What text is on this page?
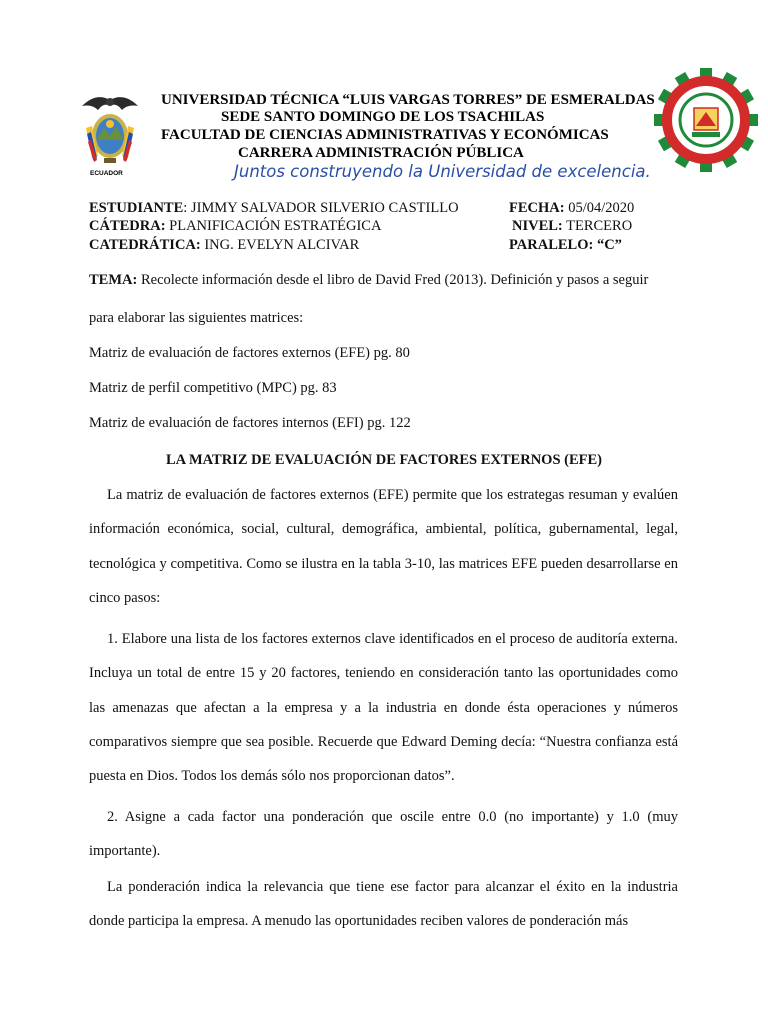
ECUADOR
UNIVERSIDAD TÉCNICA “LUIS VARGAS TORRES” DE ESMERALDAS
SEDE SANTO DOMINGO DE LOS TSACHILAS
FACULTAD DE CIENCIAS ADMINISTRATIVAS Y ECONÓMICAS
CARRERA ADMINISTRACIÓN PÚBLICA
Juntos construyendo la Universidad de excelencia.
ESTUDIANTE: JIMMY SALVADOR SILVERIO CASTILLO	FECHA: 05/04/2020
CÁTEDRA: PLANIFICACIÓN ESTRATÉGICA	NIVEL: TERCERO
CATEDRÁTICA: ING. EVELYN ALCIVAR	PARALELO: “C”

TEMA: Recolecte información desde el libro de David Fred (2013). Definición y pasos a seguir

para elaborar las siguientes matrices:

Matriz de evaluación de factores externos (EFE) pg. 80

Matriz de perfil competitivo (MPC) pg. 83

Matriz de evaluación de factores internos (EFI) pg. 122

LA MATRIZ DE EVALUACIÓN DE FACTORES EXTERNOS (EFE)

La matriz de evaluación de factores externos (EFE) permite que los estrategas resuman y evalúen información económica, social, cultural, demográfica, ambiental, política, gubernamental, legal, tecnológica y competitiva. Como se ilustra en la tabla 3-10, las matrices EFE pueden desarrollarse en cinco pasos:

1. Elabore una lista de los factores externos clave identificados en el proceso de auditoría externa. Incluya un total de entre 15 y 20 factores, teniendo en consideración tanto las oportunidades como las amenazas que afectan a la empresa y a la industria en donde ésta operaciones y números comparativos siempre que sea posible. Recuerde que Edward Deming decía: “Nuestra confianza está puesta en Dios. Todos los demás sólo nos proporcionan datos”.

2. Asigne a cada factor una ponderación que oscile entre 0.0 (no importante) y 1.0 (muy importante).

La ponderación indica la relevancia que tiene ese factor para alcanzar el éxito en la industria donde participa la empresa. A menudo las oportunidades reciben valores de ponderación más
